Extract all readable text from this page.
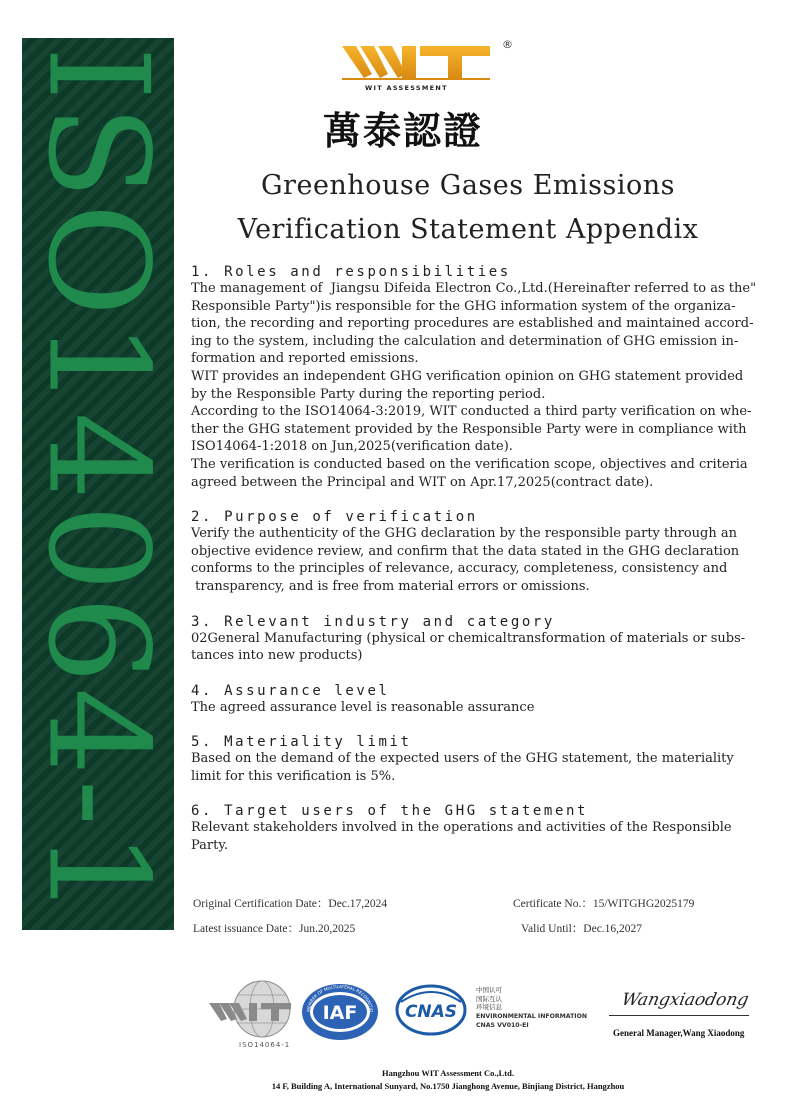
ISO14064-1
®
WIT ASSESSMENT
萬泰認證
Greenhouse Gases Emissions
Verification Statement Appendix
1. Roles and responsibilities

The management of  Jiangsu Difeida Electron Co.,Ltd.(Hereinafter referred to as the"
Responsible Party")is responsible for the GHG information system of the organiza-
tion, the recording and reporting procedures are established and maintained accord-
ing to the system, including the calculation and determination of GHG emission in-
formation and reported emissions.

WIT provides an independent GHG verification opinion on GHG statement provided
by the Responsible Party during the reporting period.

According to the ISO14064-3:2019, WIT conducted a third party verification on whe-
ther the GHG statement provided by the Responsible Party were in compliance with
ISO14064-1:2018 on Jun,2025(verification date).

The verification is conducted based on the verification scope, objectives and criteria
agreed between the Principal and WIT on Apr.17,2025(contract date).

2. Purpose of verification

Verify the authenticity of the GHG declaration by the responsible party through an
objective evidence review, and confirm that the data stated in the GHG declaration
conforms to the principles of relevance, accuracy, completeness, consistency and
transparency, and is free from material errors or omissions.

3. Relevant industry and category

02General Manufacturing (physical or chemicaltransformation of materials or subs-
tances into new products)

4. Assurance level

The agreed assurance level is reasonable assurance

5. Materiality limit

Based on the demand of the expected users of the GHG statement, the materiality
limit for this verification is 5%.

6. Target users of the GHG statement

Relevant stakeholders involved in the operations and activities of the Responsible
Party.

Original Certification Date：Dec.17,2024	Certificate No.：15/WITGHG2025179
Latest issuance Date：Jun.20,2025	Valid Until：Dec.16,2027
ISO14064-1
IAF
MEMBER OF MULTILATERAL RECOGNITIO CNAS
中国认可
国际互认
环境信息
ENVIRONMENTAL INFORMATION
CNAS VV010-EI
Wangxiaodong
General Manager,Wang Xiaodong
Hangzhou WIT Assessment Co.,Ltd.
14 F, Building A, International Sunyard, No.1750 Jianghong Avenue, Binjiang District, Hangzhou
